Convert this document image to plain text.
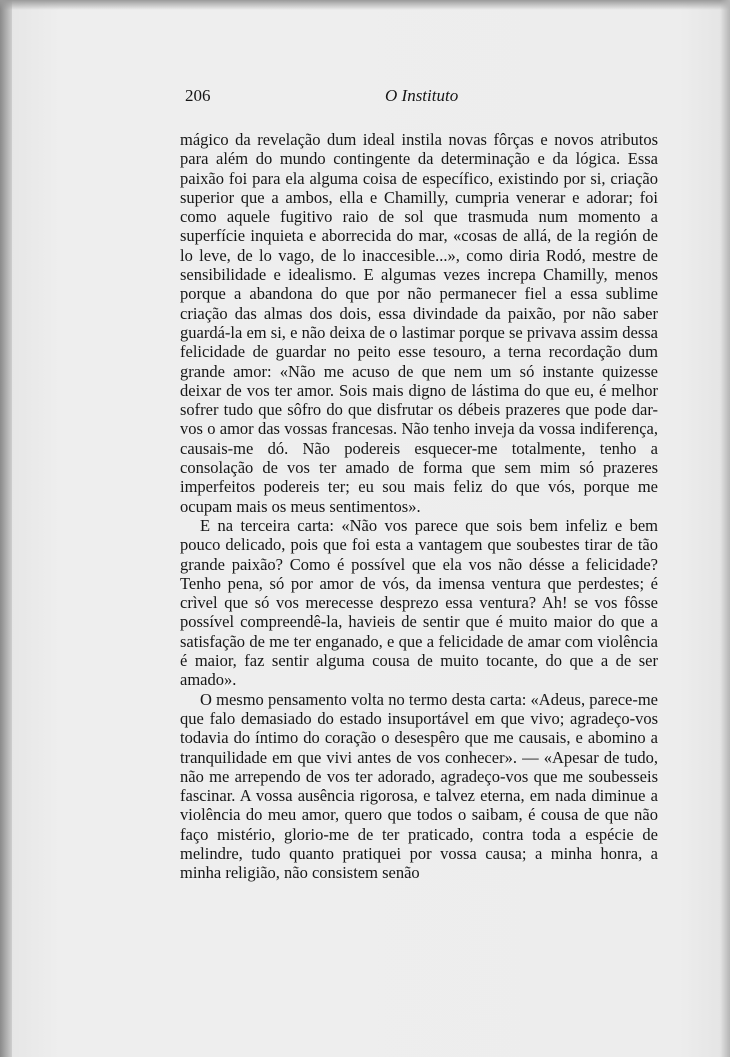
206	O Instituto

mágico da revelação dum ideal instila novas fôrças e novos atributos para além do mundo contingente da determinação e da lógica. Essa paixão foi para ela alguma coisa de específico, existindo por si, criação superior que a ambos, ella e Chamilly, cumpria venerar e adorar; foi como aquele fugitivo raio de sol que trasmuda num momento a superfície inquieta e aborrecida do mar, «cosas de allá, de la región de lo leve, de lo vago, de lo inaccesible...», como diria Rodó, mestre de sensibilidade e idealismo. E algumas vezes increpa Chamilly, menos porque a abandona do que por não permanecer fiel a essa sublime criação das almas dos dois, essa divindade da paixão, por não saber guardá-la em si, e não deixa de o lastimar porque se privava assim dessa felicidade de guardar no peito esse tesouro, a terna recordação dum grande amor: «Não me acuso de que nem um só instante quizesse deixar de vos ter amor. Sois mais digno de lástima do que eu, é melhor sofrer tudo que sôfro do que disfrutar os débeis prazeres que pode dar-vos o amor das vossas francesas. Não tenho inveja da vossa indiferença, causais-me dó. Não podereis esquecer-me totalmente, tenho a consolação de vos ter amado de forma que sem mim só prazeres imperfeitos podereis ter; eu sou mais feliz do que vós, porque me ocupam mais os meus sentimentos».

E na terceira carta: «Não vos parece que sois bem infeliz e bem pouco delicado, pois que foi esta a vantagem que soubestes tirar de tão grande paixão? Como é possível que ela vos não désse a felicidade? Tenho pena, só por amor de vós, da imensa ventura que perdestes; é crìvel que só vos merecesse desprezo essa ventura? Ah! se vos fôsse possível compreendê-la, havieis de sentir que é muito maior do que a satisfação de me ter enganado, e que a felicidade de amar com violência é maior, faz sentir alguma cousa de muito tocante, do que a de ser amado».

O mesmo pensamento volta no termo desta carta: «Adeus, parece-me que falo demasiado do estado insuportável em que vivo; agradeço-vos todavia do íntimo do coração o desespêro que me causais, e abomino a tranquilidade em que vivi antes de vos conhecer». — «Apesar de tudo, não me arrependo de vos ter adorado, agradeço-vos que me soubesseis fascinar. A vossa ausência rigorosa, e talvez eterna, em nada diminue a violência do meu amor, quero que todos o saibam, é cousa de que não faço mistério, glorio-me de ter praticado, contra toda a espécie de melindre, tudo quanto pratiquei por vossa causa; a minha honra, a minha religião, não consistem senão
